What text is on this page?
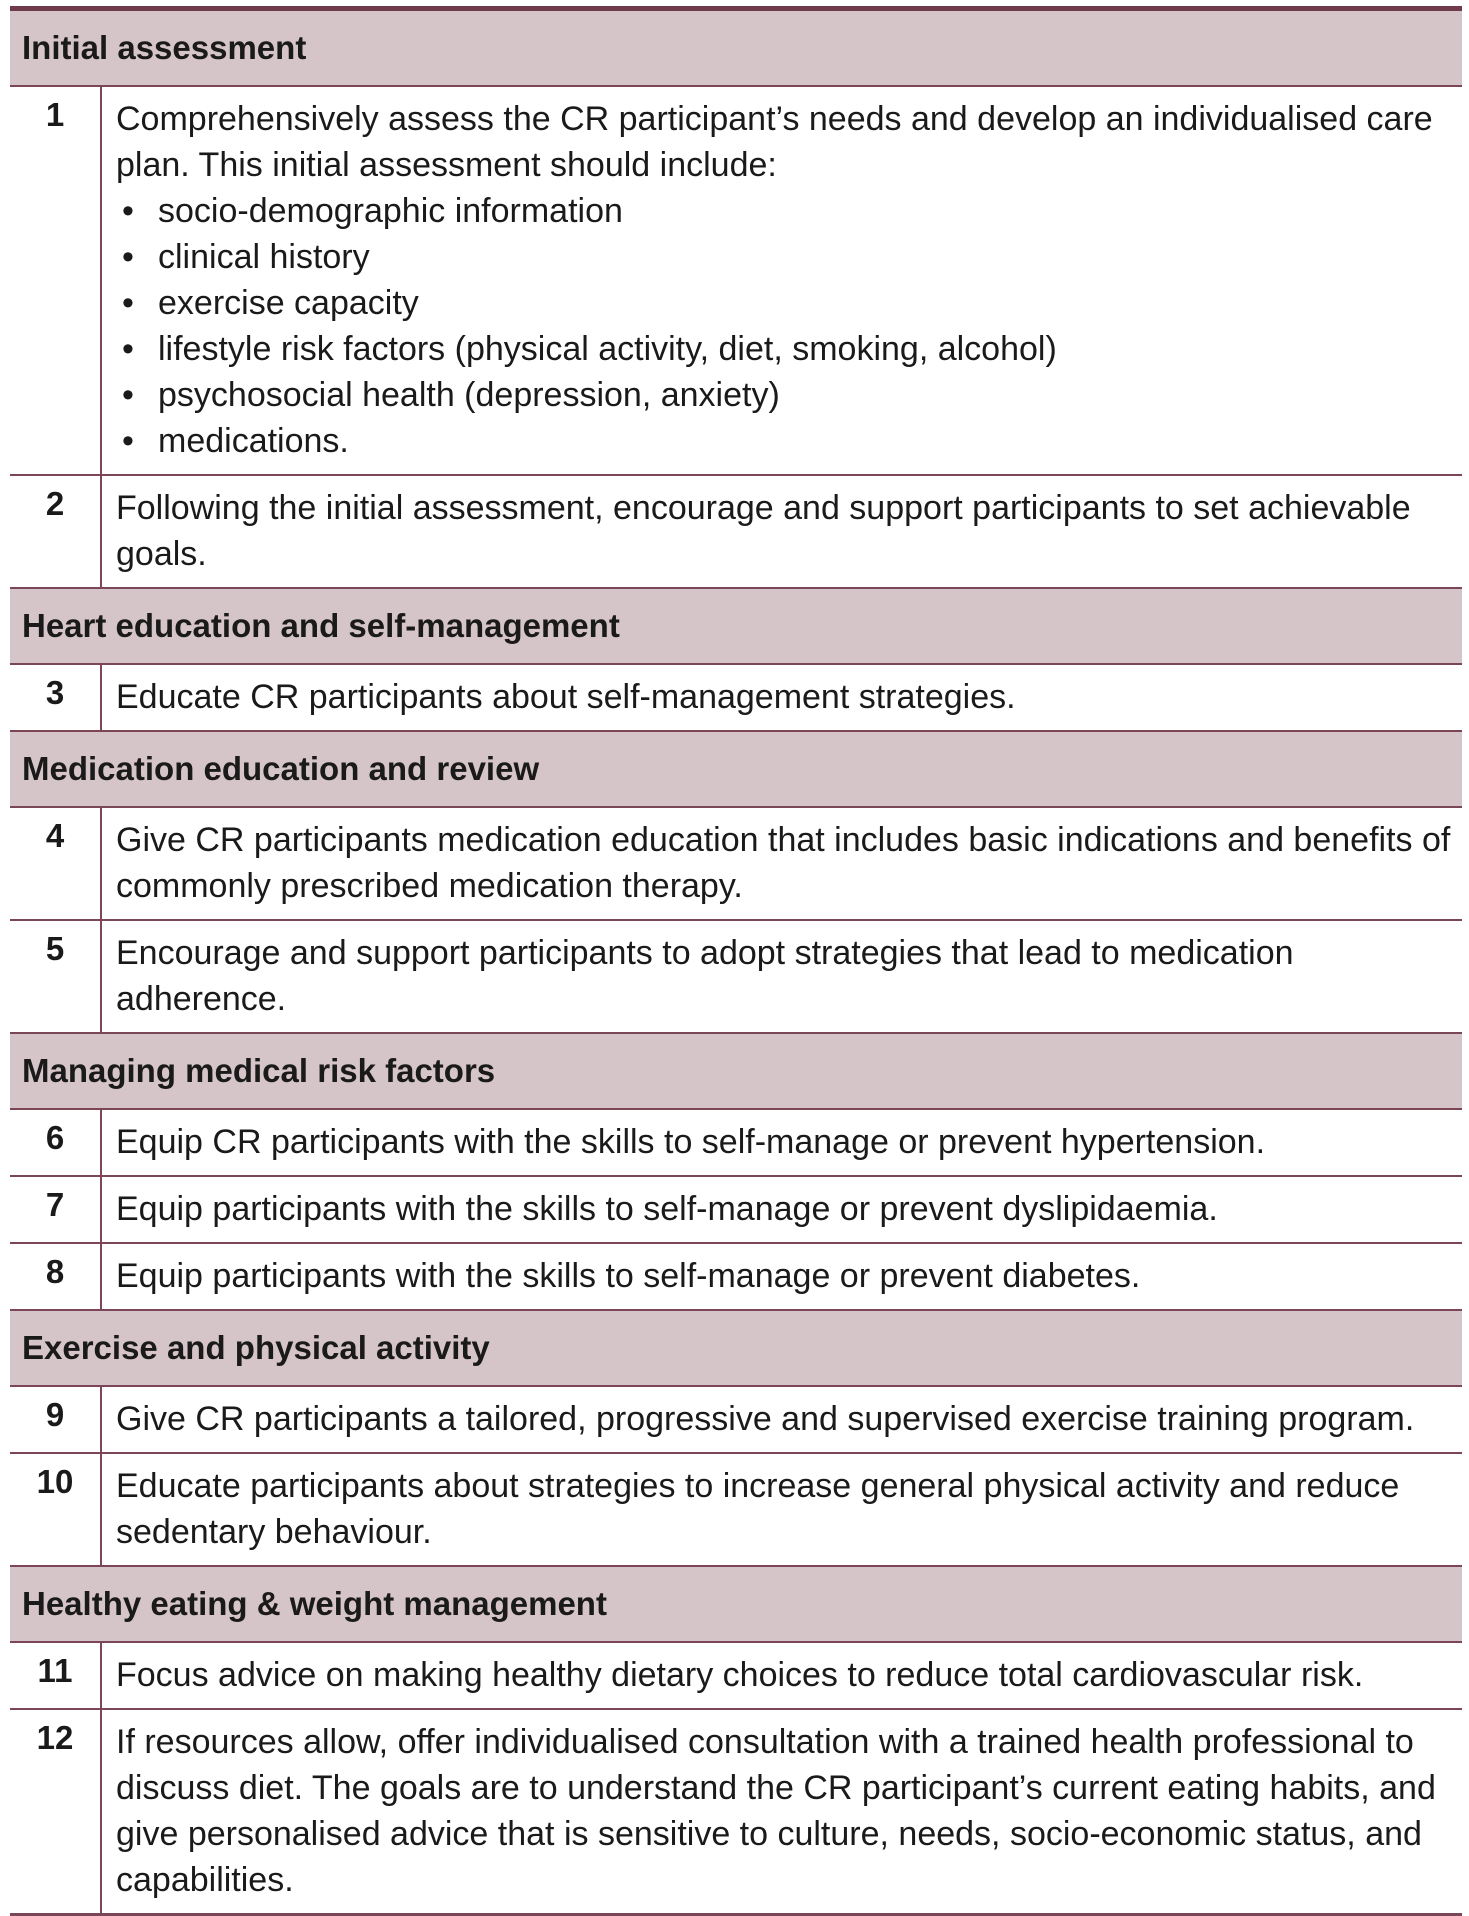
Initial assessment
1	Comprehensively assess the CR participant’s needs and develop an individualised care plan. This initial assessment should include:
• socio-demographic information
• clinical history
• exercise capacity
• lifestyle risk factors (physical activity, diet, smoking, alcohol)
• psychosocial health (depression, anxiety)
• medications.
2	Following the initial assessment, encourage and support participants to set achievable goals.
Heart education and self-management
3	Educate CR participants about self-management strategies.
Medication education and review
4	Give CR participants medication education that includes basic indications and benefits of commonly prescribed medication therapy.
5	Encourage and support participants to adopt strategies that lead to medication adherence.
Managing medical risk factors
6	Equip CR participants with the skills to self-manage or prevent hypertension.
7	Equip participants with the skills to self-manage or prevent dyslipidaemia.
8	Equip participants with the skills to self-manage or prevent diabetes.
Exercise and physical activity
9	Give CR participants a tailored, progressive and supervised exercise training program.
10	Educate participants about strategies to increase general physical activity and reduce sedentary behaviour.
Healthy eating & weight management
11	Focus advice on making healthy dietary choices to reduce total cardiovascular risk.
12	If resources allow, offer individualised consultation with a trained health professional to discuss diet. The goals are to understand the CR participant’s current eating habits, and give personalised advice that is sensitive to culture, needs, socio-economic status, and capabilities.
